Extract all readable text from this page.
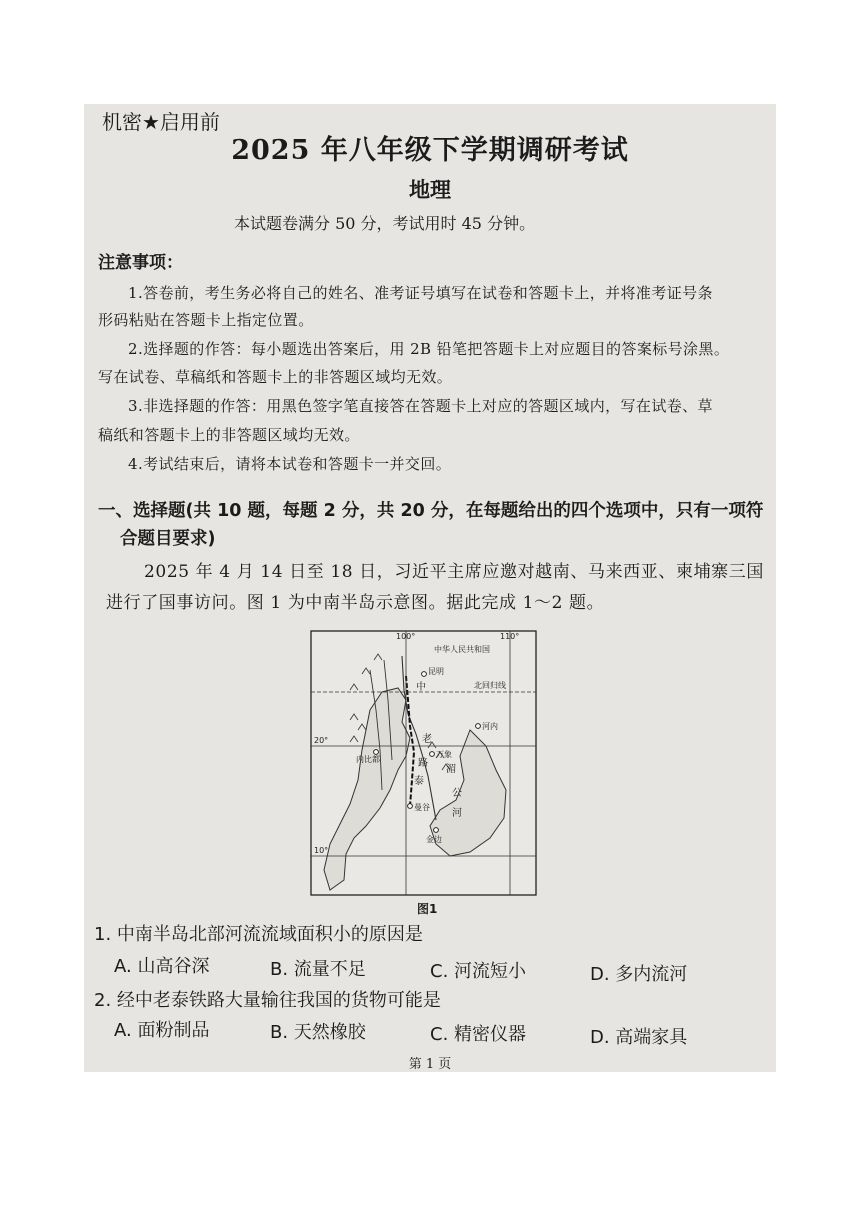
机密★启用前
2025 年八年级下学期调研考试
地理
本试题卷满分 50 分，考试用时 45 分钟。
注意事项：
1.答卷前，考生务必将自己的姓名、准考证号填写在试卷和答题卡上，并将准考证号条
形码粘贴在答题卡上指定位置。
2.选择题的作答：每小题选出答案后，用 2B 铅笔把答题卡上对应题目的答案标号涂黑。
写在试卷、草稿纸和答题卡上的非答题区域均无效。
3.非选择题的作答：用黑色签字笔直接答在答题卡上对应的答题区域内，写在试卷、草
稿纸和答题卡上的非答题区域均无效。
4.考试结束后，请将本试卷和答题卡一并交回。
一、选择题(共 10 题，每题 2 分，共 20 分，在每题给出的四个选项中，只有一项符
合题目要求)
2025 年 4 月 14 日至 18 日，习近平主席应邀对越南、马来西亚、柬埔寨三国
进行了国事访问。图 1 为中南半岛示意图。据此完成 1～2 题。
100°	110°
20°
10°
中华人民共和国
昆明
北回归线
中
河内
万象
内比都
老
曼谷
泰
湄
公
河
金边
路
图1
1. 中南半岛北部河流流域面积小的原因是
A. 山高谷深	B. 流量不足	C. 河流短小	D. 多内流河
2. 经中老泰铁路大量输往我国的货物可能是
A. 面粉制品	B. 天然橡胶	C. 精密仪器	D. 高端家具
第 1 页
